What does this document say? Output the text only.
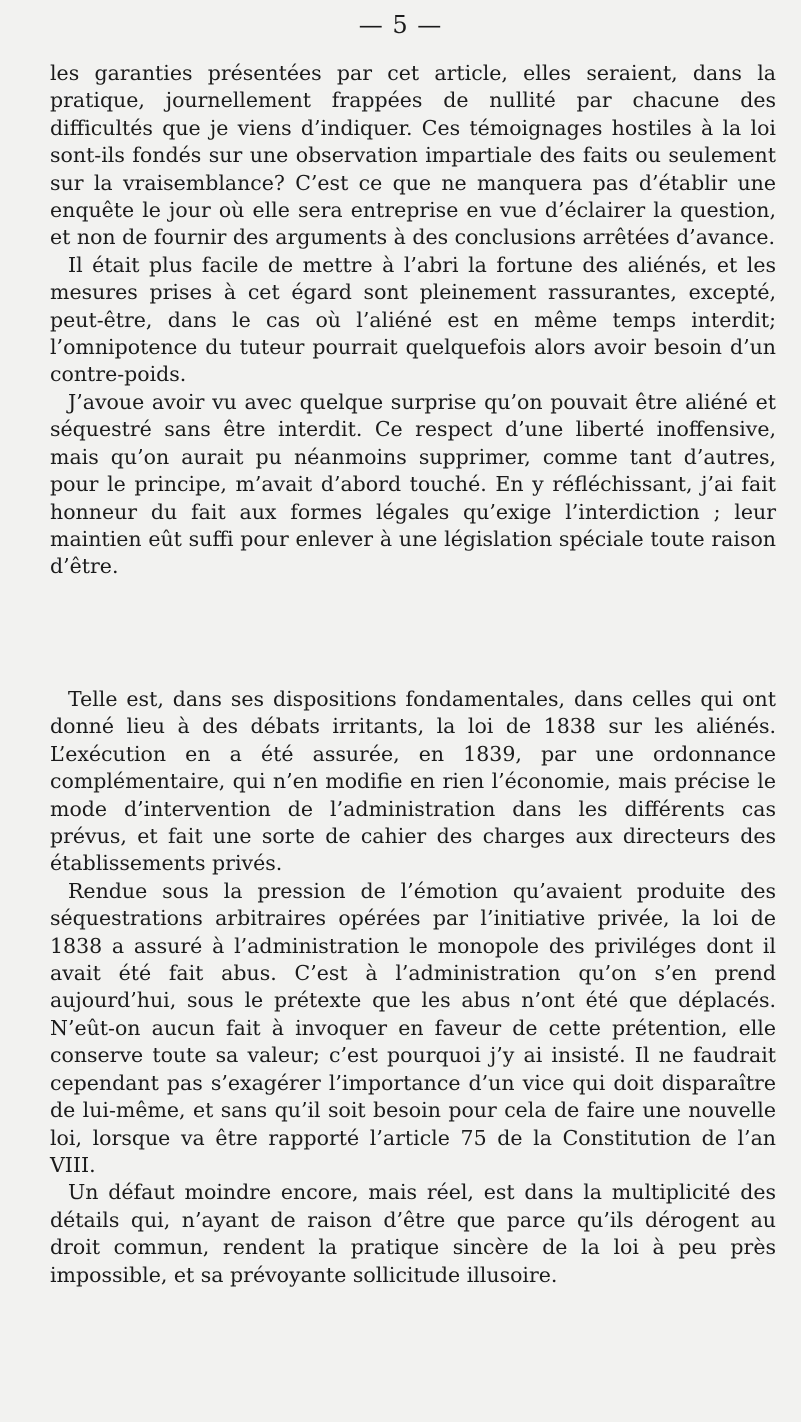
— 5 —

les garanties présentées par cet article, elles seraient, dans la pratique, journellement frappées de nullité par chacune des difficultés que je viens d’indiquer. Ces témoignages hostiles à la loi sont-ils fondés sur une observation impartiale des faits ou seulement sur la vraisemblance? C’est ce que ne manquera pas d’établir une enquête le jour où elle sera entreprise en vue d’éclairer la question, et non de fournir des arguments à des conclusions arrêtées d’avance.

Il était plus facile de mettre à l’abri la fortune des aliénés, et les mesures prises à cet égard sont pleinement rassurantes, excepté, peut-être, dans le cas où l’aliéné est en même temps interdit; l’omnipotence du tuteur pourrait quelquefois alors avoir besoin d’un contre-poids.

J’avoue avoir vu avec quelque surprise qu’on pouvait être aliéné et séquestré sans être interdit. Ce respect d’une liberté inoffensive, mais qu’on aurait pu néanmoins supprimer, comme tant d’autres, pour le principe, m’avait d’abord touché. En y réfléchissant, j’ai fait honneur du fait aux formes légales qu’exige l’interdiction ; leur maintien eût suffi pour enlever à une législation spéciale toute raison d’être.

Telle est, dans ses dispositions fondamentales, dans celles qui ont donné lieu à des débats irritants, la loi de 1838 sur les aliénés. L’exécution en a été assurée, en 1839, par une ordonnance complémentaire, qui n’en modifie en rien l’économie, mais précise le mode d’intervention de l’administration dans les différents cas prévus, et fait une sorte de cahier des charges aux directeurs des établissements privés.

Rendue sous la pression de l’émotion qu’avaient produite des séquestrations arbitraires opérées par l’initiative privée, la loi de 1838 a assuré à l’administration le monopole des priviléges dont il avait été fait abus. C’est à l’administration qu’on s’en prend aujourd’hui, sous le prétexte que les abus n’ont été que déplacés. N’eût-on aucun fait à invoquer en faveur de cette prétention, elle conserve toute sa valeur; c’est pourquoi j’y ai insisté. Il ne faudrait cependant pas s’exagérer l’importance d’un vice qui doit disparaître de lui-même, et sans qu’il soit besoin pour cela de faire une nouvelle loi, lorsque va être rapporté l’article 75 de la Constitution de l’an VIII.

Un défaut moindre encore, mais réel, est dans la multiplicité des détails qui, n’ayant de raison d’être que parce qu’ils dérogent au droit commun, rendent la pratique sincère de la loi à peu près impossible, et sa prévoyante sollicitude illusoire.
